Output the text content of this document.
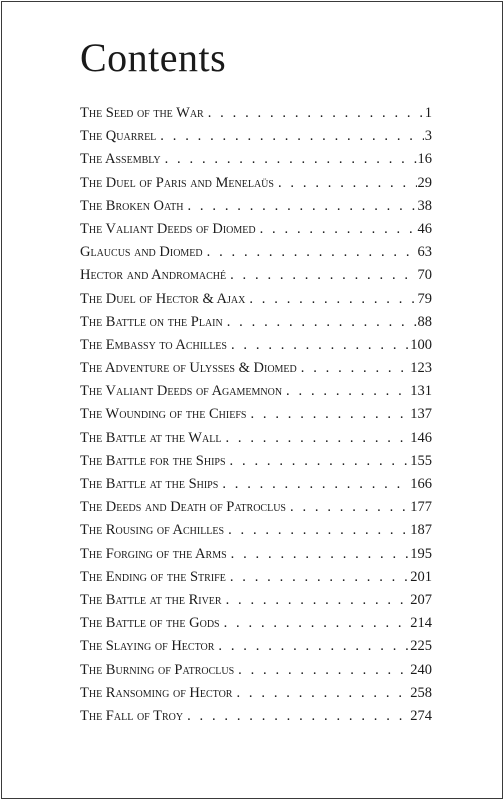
Contents
The Seed of the War . . .	1
The Quarrel . . .	3
The Assembly . . .	16
The Duel of Paris and Menelaüs . . .	29
The Broken Oath . . .	38
The Valiant Deeds of Diomed . . .	46
Glaucus and Diomed . . .	63
Hector and Andromaché . . .	70
The Duel of Hector & Ajax . . .	79
The Battle on the Plain . . .	88
The Embassy to Achilles . . .	100
The Adventure of Ulysses & Diomed . . .	123
The Valiant Deeds of Agamemnon . . .	131
The Wounding of the Chiefs . . .	137
The Battle at the Wall . . .	146
The Battle for the Ships . . .	155
The Battle at the Ships . . .	166
The Deeds and Death of Patroclus . . .	177
The Rousing of Achilles . . .	187
The Forging of the Arms . . .	195
The Ending of the Strife . . .	201
The Battle at the River . . .	207
The Battle of the Gods . . .	214
The Slaying of Hector . . .	225
The Burning of Patroclus . . .	240
The Ransoming of Hector . . .	258
The Fall of Troy . . .	274
